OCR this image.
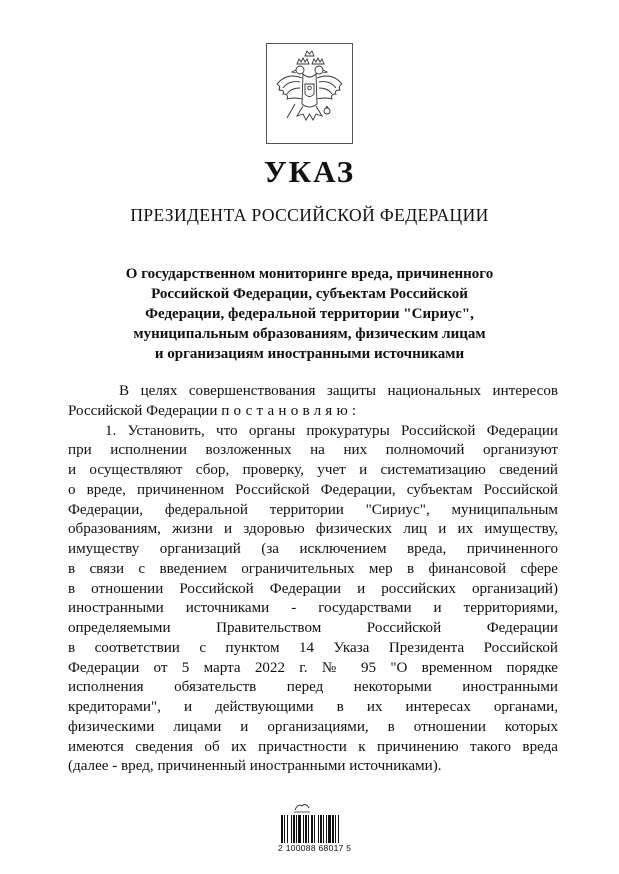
УКАЗ
ПРЕЗИДЕНТА РОССИЙСКОЙ ФЕДЕРАЦИИ
О государственном мониторинге вреда, причиненного
Российской Федерации, субъектам Российской
Федерации, федеральной территории "Сириус",
муниципальным образованиям, физическим лицам
и организациям иностранными источниками
В целях совершенствования защиты национальных интересов
Российской Федерации постановляю:
1. Установить, что органы прокуратуры Российской Федерации
при исполнении возложенных на них полномочий организуют
и осуществляют сбор, проверку, учет и систематизацию сведений
о вреде, причиненном Российской Федерации, субъектам Российской
Федерации, федеральной территории "Сириус", муниципальным
образованиям, жизни и здоровью физических лиц и их имуществу,
имуществу организаций (за исключением вреда, причиненного
в связи с введением ограничительных мер в финансовой сфере
в отношении Российской Федерации и российских организаций)
иностранными источниками - государствами и территориями,
определяемыми Правительством Российской Федерации
в соответствии с пунктом 14 Указа Президента Российской
Федерации от 5 марта 2022 г. № 95 "О временном порядке
исполнения обязательств перед некоторыми иностранными
кредиторами", и действующими в их интересах органами,
физическими лицами и организациями, в отношении которых
имеются сведения об их причастности к причинению такого вреда
(далее - вред, причиненный иностранными источниками).
2 100088 68017 5
